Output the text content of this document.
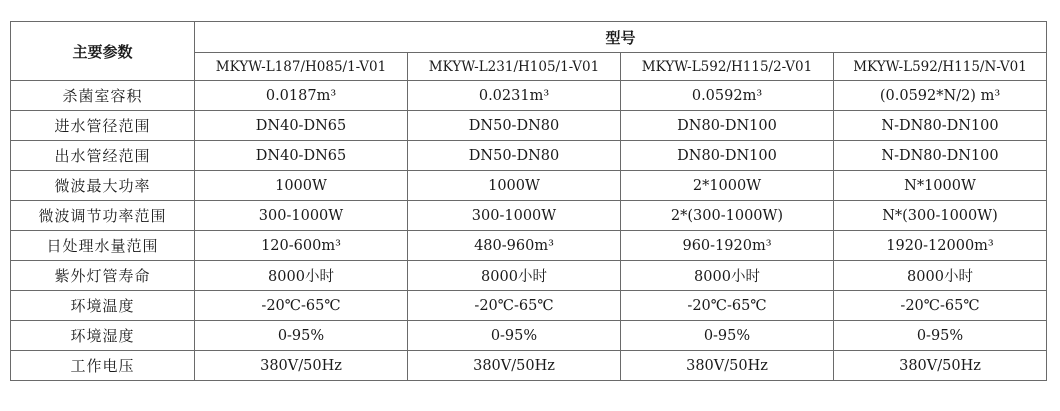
主要参数	型号			
	MKYW-L187/H085/1-V01	MKYW-L231/H105/1-V01	MKYW-L592/H115/2-V01	MKYW-L592/H115/N-V01
杀菌室容积	0.0187m³	0.0231m³	0.0592m³	(0.0592*N/2) m³
进水管径范围	DN40-DN65	DN50-DN80	DN80-DN100	N-DN80-DN100
出水管经范围	DN40-DN65	DN50-DN80	DN80-DN100	N-DN80-DN100
微波最大功率	1000W	1000W	2*1000W	N*1000W
微波调节功率范围	300-1000W	300-1000W	2*(300-1000W)	N*(300-1000W)
日处理水量范围	120-600m³	480-960m³	960-1920m³	1920-12000m³
紫外灯管寿命	8000小时	8000小时	8000小时	8000小时
环境温度	-20℃-65℃	-20℃-65℃	-20℃-65℃	-20℃-65℃
环境湿度	0-95%	0-95%	0-95%	0-95%
工作电压	380V/50Hz	380V/50Hz	380V/50Hz	380V/50Hz
